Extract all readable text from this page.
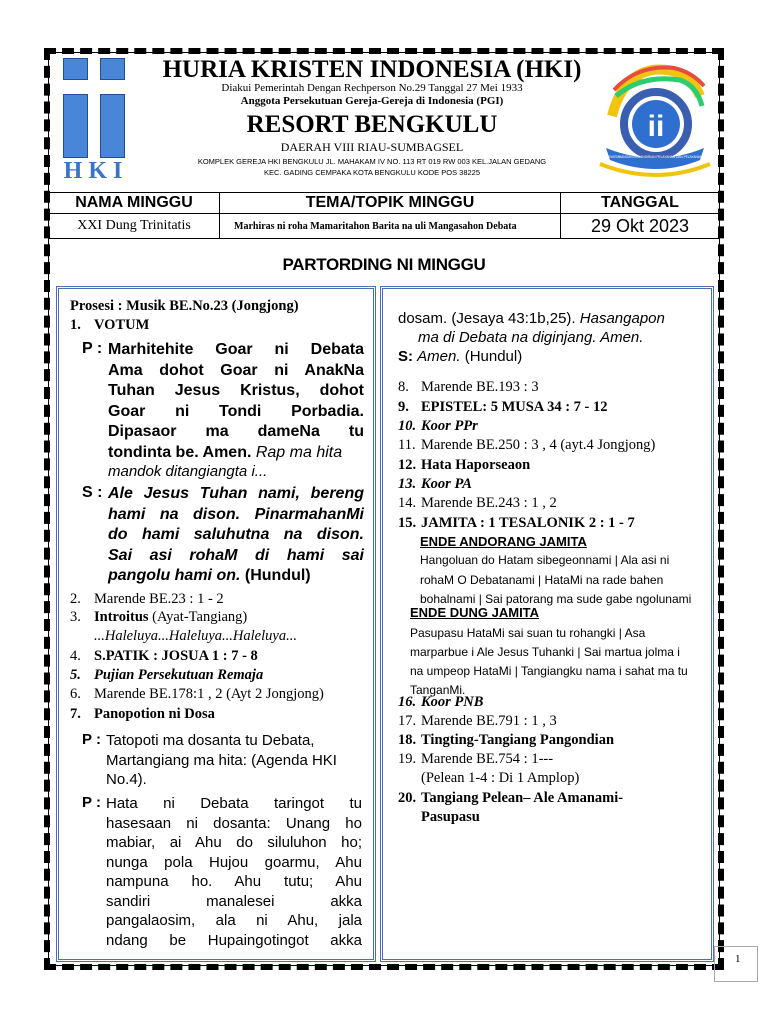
HKI
HURIA KRISTEN INDONESIA (HKI)
Diakui Pemerintah Dengan Rechperson No.29 Tanggal 27 Mei 1933
Anggota Persekutuan Gereja-Gereja di Indonesia (PGI)
RESORT BENGKULU
DAERAH VIII RIAU-SUMBAGSEL
KOMPLEK GEREJA HKI BENGKULU JL. MAHAKAM IV NO. 113 RT 019 RW 003 KEL.JALAN GEDANG
KEC. GADING CEMPAKA KOTA BENGKULU KODE POS 38225
ii
TAHUN PENGEMBANGAN KEMANDIRIAN PELAYANAN DAN PELAYANAN HKI 2023
NAMA MINGGU	TEMA/TOPIK MINGGU	TANGGAL
XXI Dung Trinitatis	Marhiras ni roha Mamaritahon Barita na uli Mangasahon Debata	29 Okt 2023
PARTORDING NI MINGGU
Prosesi : Musik BE.No.23 (Jongjong)
1. VOTUM
P : Marhitehite Goar ni Debata
Ama dohot Goar ni AnakNa
Tuhan Jesus Kristus, dohot
Goar ni Tondi Porbadia.
Dipasaor ma dameNa tu
tondinta be. Amen. Rap ma hita
mandok ditangiangta i...
S : Ale Jesus Tuhan nami, bereng
hami na dison. PinarmahanMi
do hami saluhutna na dison.
Sai asi rohaM di hami sai
pangolu hami on. (Hundul)
2. Marende BE.23 : 1 - 2
3. Introitus (Ayat-Tangiang)
...Haleluya...Haleluya...Haleluya...
4. S.PATIK : JOSUA 1 : 7 - 8
5. Pujian Persekutuan Remaja
6. Marende BE.178:1 , 2 (Ayt 2 Jongjong)
7. Panopotion ni Dosa
P : Tatopoti ma dosanta tu Debata,
Martangiang ma hita: (Agenda HKI
No.4).
P : Hata ni Debata taringot tu
hasesaan ni dosanta: Unang ho
mabiar, ai Ahu do siluluhon ho;
nunga pola Hujou goarmu, Ahu
nampuna ho. Ahu tutu; Ahu
sandiri manalesei akka
pangalaosim, ala ni Ahu, jala
ndang be Hupaingotingot akka
dosam. (Jesaya 43:1b,25). Hasangapon
ma di Debata na diginjang. Amen.
S: Amen. (Hundul)
8. Marende BE.193 : 3
9. EPISTEL: 5 MUSA 34 : 7 - 12
10. Koor PPr
11. Marende BE.250 : 3 , 4 (ayt.4 Jongjong)
12. Hata Haporseaon
13. Koor PA
14. Marende BE.243 : 1 , 2
15. JAMITA : 1 TESALONIK 2 : 1 - 7
ENDE ANDORANG JAMITA
Hangoluan do Hatam sibegeonnami | Ala asi ni
rohaM O Debatanami | HataMi na rade bahen
bohalnami | Sai patorang ma sude gabe ngolunami
ENDE DUNG JAMITA
Pasupasu HataMi sai suan tu rohangki | Asa
marparbue i Ale Jesus Tuhanki | Sai martua jolma i
na umpeop HataMi | Tangiangku nama i sahat ma tu
TanganMi.
16. Koor PNB
17. Marende BE.791 : 1 , 3
18. Tingting-Tangiang Pangondian
19. Marende BE.754 : 1---
(Pelean 1-4 : Di 1 Amplop)
20. Tangiang Pelean– Ale Amanami-
Pasupasu
1
